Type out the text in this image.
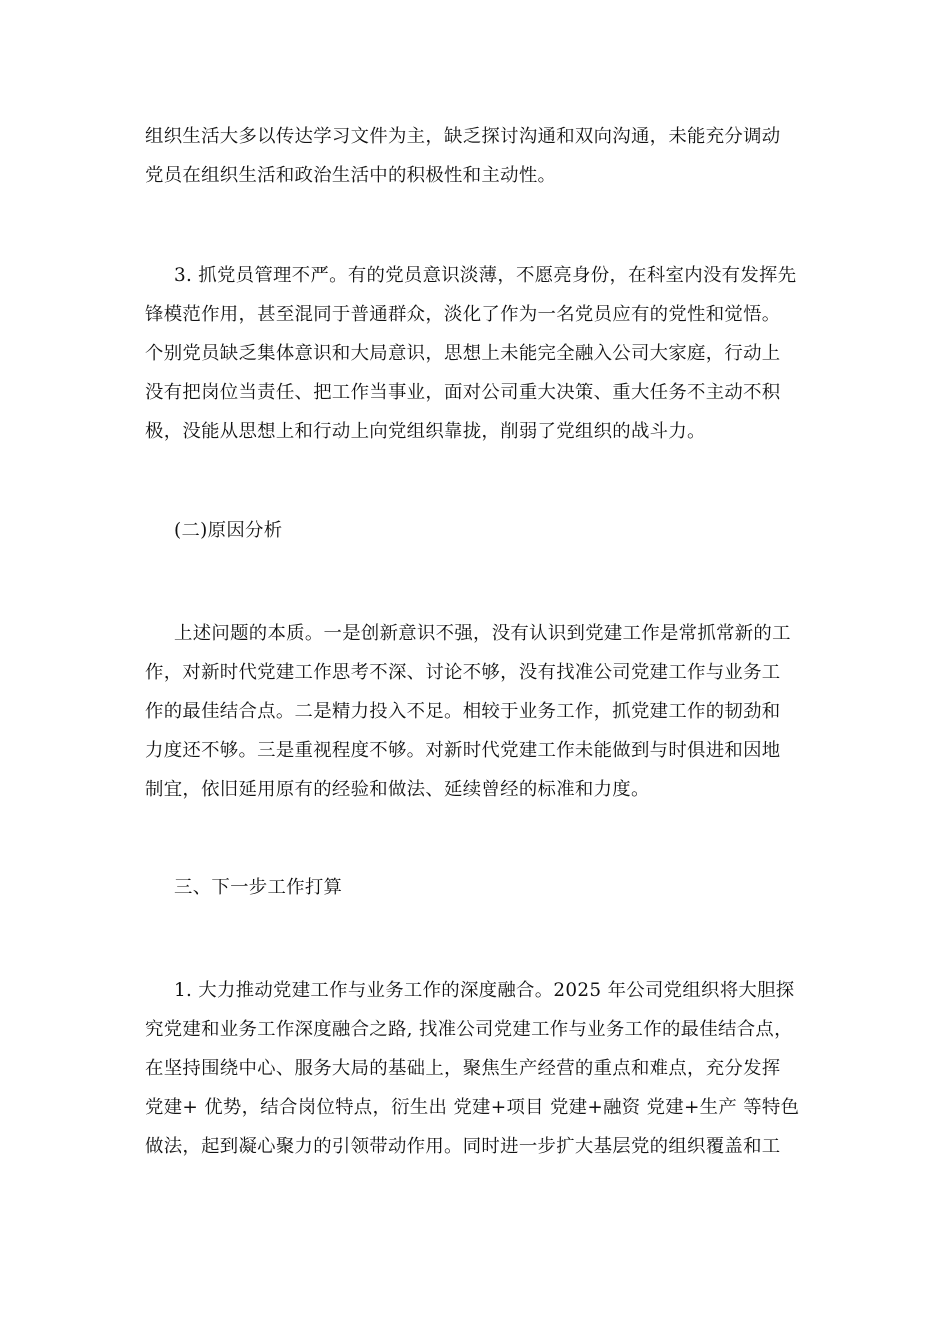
组织生活大多以传达学习文件为主，缺乏探讨沟通和双向沟通，未能充分调动
党员在组织生活和政治生活中的积极性和主动性。

3. 抓党员管理不严。有的党员意识淡薄，不愿亮身份，在科室内没有发挥先
锋模范作用，甚至混同于普通群众，淡化了作为一名党员应有的党性和觉悟。
个别党员缺乏集体意识和大局意识，思想上未能完全融入公司大家庭，行动上
没有把岗位当责任、把工作当事业，面对公司重大决策、重大任务不主动不积
极，没能从思想上和行动上向党组织靠拢，削弱了党组织的战斗力。

(二)原因分析

上述问题的本质。一是创新意识不强，没有认识到党建工作是常抓常新的工
作，对新时代党建工作思考不深、讨论不够，没有找准公司党建工作与业务工
作的最佳结合点。二是精力投入不足。相较于业务工作，抓党建工作的韧劲和
力度还不够。三是重视程度不够。对新时代党建工作未能做到与时俱进和因地
制宜，依旧延用原有的经验和做法、延续曾经的标准和力度。

三、下一步工作打算

1. 大力推动党建工作与业务工作的深度融合。2025 年公司党组织将大胆探
究党建和业务工作深度融合之路, 找准公司党建工作与业务工作的最佳结合点，
在坚持围绕中心、服务大局的基础上，聚焦生产经营的重点和难点，充分发挥
党建+ 优势，结合岗位特点，衍生出 党建+项目 党建+融资 党建+生产 等特色
做法，起到凝心聚力的引领带动作用。同时进一步扩大基层党的组织覆盖和工
